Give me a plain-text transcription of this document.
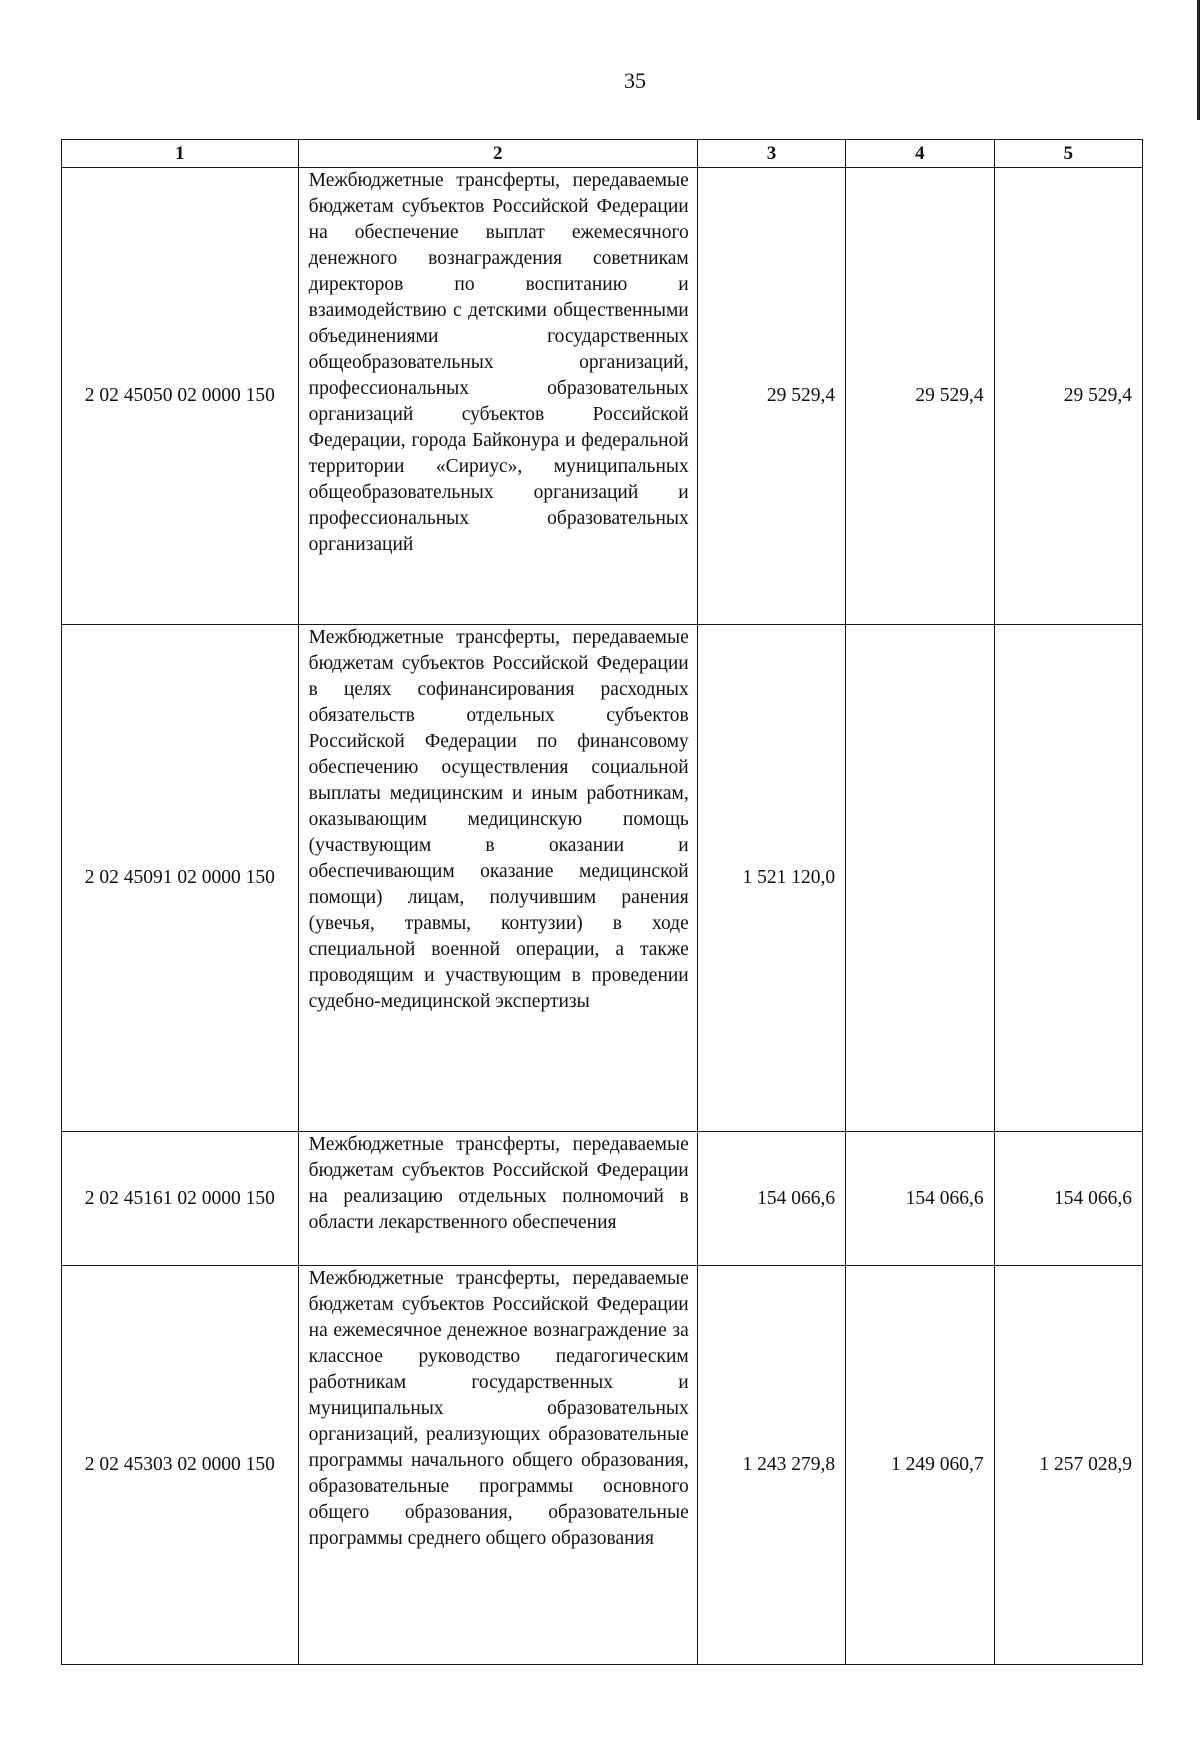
35
1	2	3	4	5
2 02 45050 02 0000 150	Межбюджетные трансферты, передаваемые бюджетам субъектов Российской Федерации на обеспечение выплат ежемесячного денежного вознаграждения советникам директоров по воспитанию и взаимодействию с детскими общественными объединениями государственных общеобразовательных организаций, профессиональных образовательных организаций субъектов Российской Федерации, города Байконура и федеральной территории «Сириус», муниципальных общеобразовательных организаций и профессиональных образовательных организаций	29 529,4	29 529,4	29 529,4
2 02 45091 02 0000 150	Межбюджетные трансферты, передаваемые бюджетам субъектов Российской Федерации в целях софинансирования расходных обязательств отдельных субъектов Российской Федерации по финансовому обеспечению осуществления социальной выплаты медицинским и иным работникам, оказывающим медицинскую помощь (участвующим в оказании и обеспечивающим оказание медицинской помощи) лицам, получившим ранения (увечья, травмы, контузии) в ходе специальной военной операции, а также проводящим и участвующим в проведении судебно-медицинской экспертизы	1 521 120,0		
2 02 45161 02 0000 150	Межбюджетные трансферты, передаваемые бюджетам субъектов Российской Федерации на реализацию отдельных полномочий в области лекарственного обеспечения	154 066,6	154 066,6	154 066,6
2 02 45303 02 0000 150	Межбюджетные трансферты, передаваемые бюджетам субъектов Российской Федерации на ежемесячное денежное вознаграждение за классное руководство педагогическим работникам государственных и муниципальных образовательных организаций, реализующих образовательные программы начального общего образования, образовательные программы основного общего образования, образовательные программы среднего общего образования	1 243 279,8	1 249 060,7	1 257 028,9
